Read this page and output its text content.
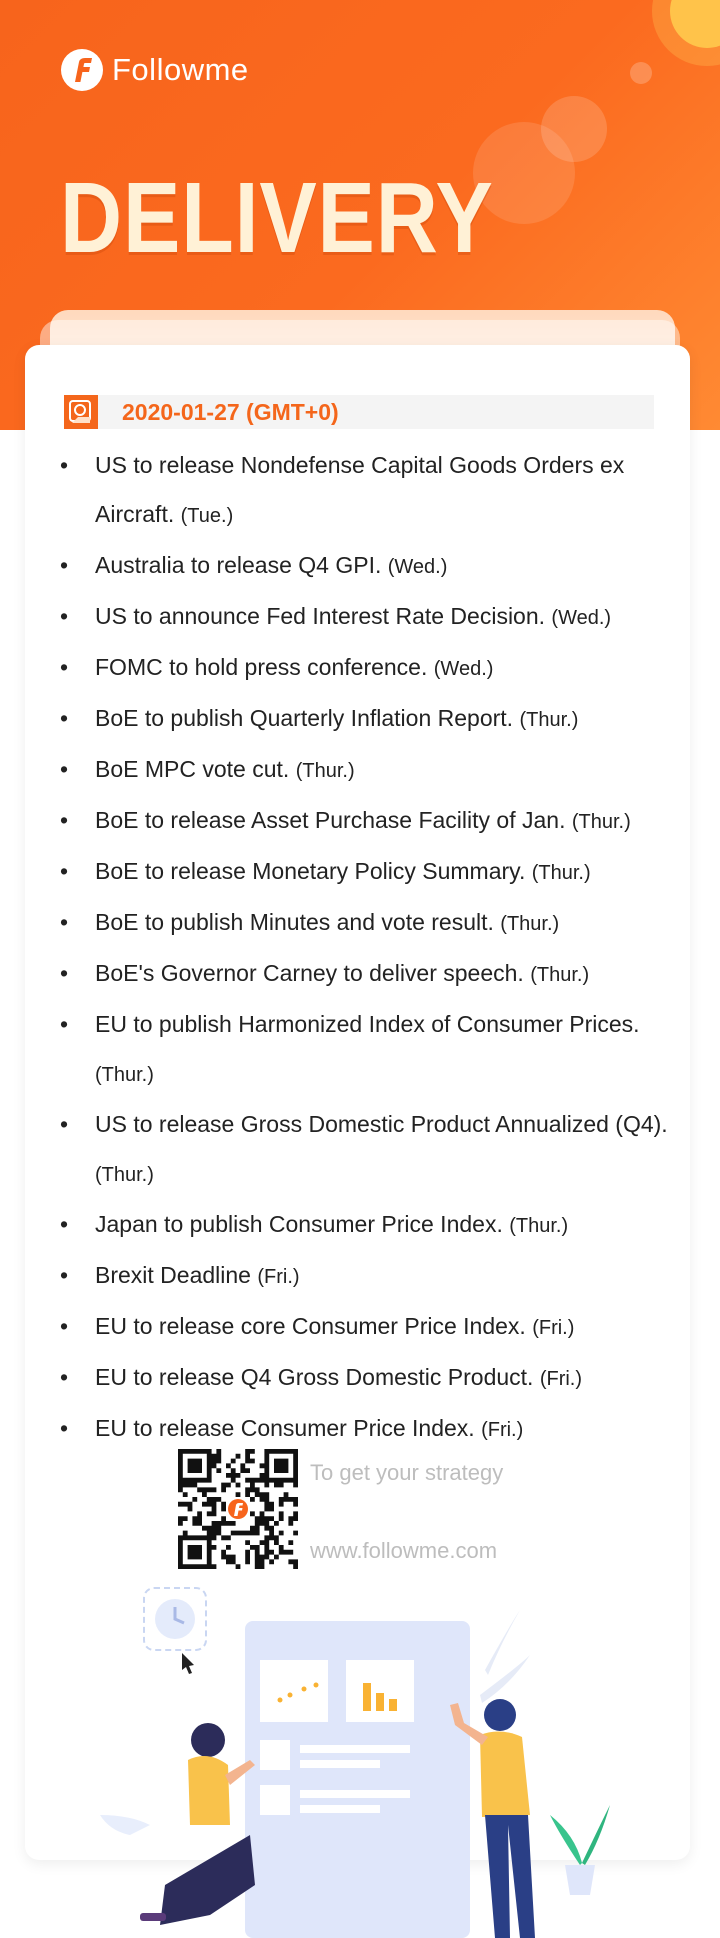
Followme
DELIVERY
2020-01-27 (GMT+0)
• US to release Nondefense Capital Goods Orders ex Aircraft. (Tue.)
• Australia to release Q4 GPI. (Wed.)
• US to announce Fed Interest Rate Decision. (Wed.)
• FOMC to hold press conference. (Wed.)
• BoE to publish Quarterly Inflation Report. (Thur.)
• BoE MPC vote cut. (Thur.)
• BoE to release Asset Purchase Facility of Jan. (Thur.)
• BoE to release Monetary Policy Summary. (Thur.)
• BoE to publish Minutes and vote result. (Thur.)
• BoE's Governor Carney to deliver speech. (Thur.)
• EU to publish Harmonized Index of Consumer Prices. (Thur.)
• US to release Gross Domestic Product Annualized (Q4). (Thur.)
• Japan to publish Consumer Price Index. (Thur.)
• Brexit Deadline (Fri.)
• EU to release core Consumer Price Index. (Fri.)
• EU to release Q4 Gross Domestic Product. (Fri.)
• EU to release Consumer Price Index. (Fri.)
To get your strategy
www.followme.com
